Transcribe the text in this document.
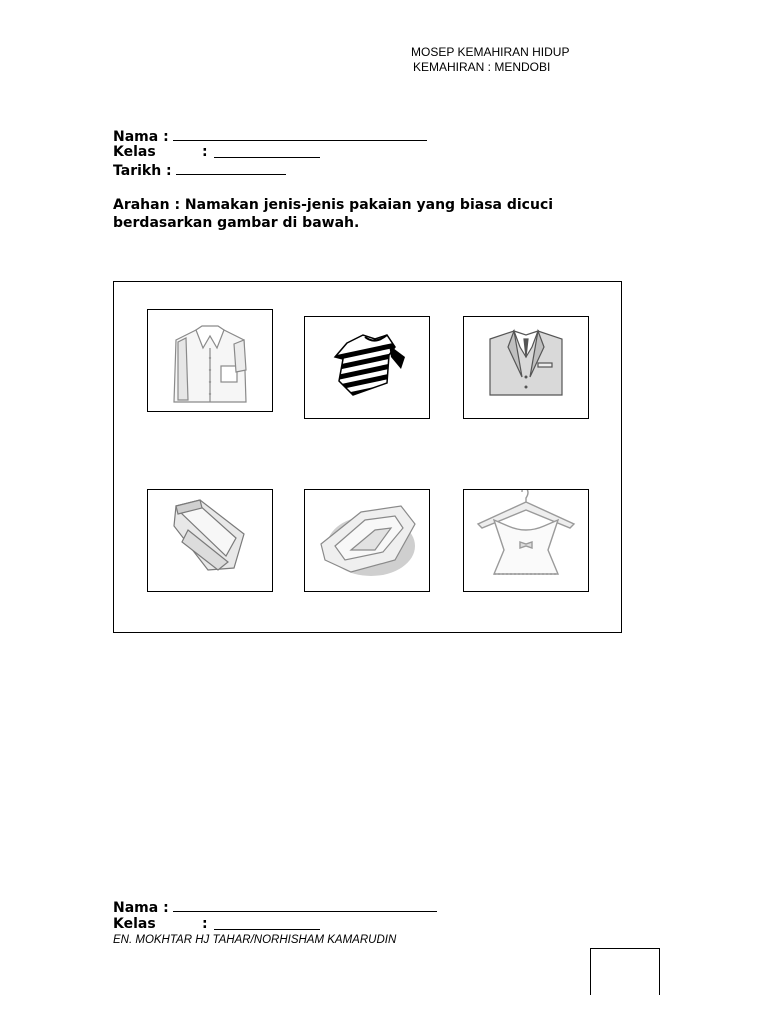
MOSEP KEMAHIRAN HIDUP
KEMAHIRAN : MENDOBI
Nama :
Kelas	:
Tarikh :
Arahan : Namakan jenis-jenis pakaian yang biasa dicuci berdasarkan gambar di bawah.
Nama :
Kelas	:
EN. MOKHTAR HJ TAHAR/NORHISHAM KAMARUDIN
